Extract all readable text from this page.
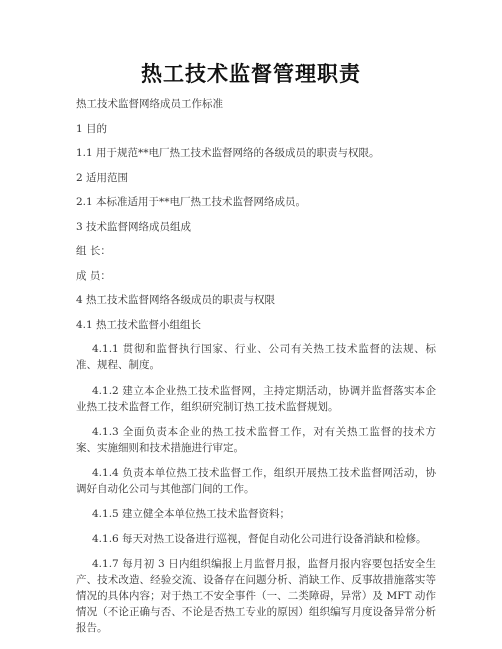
热工技术监督管理职责
热工技术监督网络成员工作标准
1 目的
1.1 用于规范**电厂热工技术监督网络的各级成员的职责与权限。
2 适用范围
2.1 本标准适用于**电厂热工技术监督网络成员。
3 技术监督网络成员组成
组 长：
成 员：
4 热工技术监督网络各级成员的职责与权限
4.1 热工技术监督小组组长
4.1.1 贯彻和监督执行国家、行业、公司有关热工技术监督的法规、标准、规程、制度。
4.1.2 建立本企业热工技术监督网，主持定期活动，协调并监督落实本企业热工技术监督工作，组织研究制订热工技术监督规划。
4.1.3 全面负责本企业的热工技术监督工作，对有关热工监督的技术方案、实施细则和技术措施进行审定。
4.1.4 负责本单位热工技术监督工作，组织开展热工技术监督网活动，协调好自动化公司与其他部门间的工作。
4.1.5 建立健全本单位热工技术监督资料；
4.1.6 每天对热工设备进行巡视，督促自动化公司进行设备消缺和检修。
4.1.7 每月初 3 日内组织编报上月监督月报，监督月报内容要包括安全生产、技术改造、经验交流、设备存在问题分析、消缺工作、反事故措施落实等情况的具体内容；对于热工不安全事件（一、二类障碍，异常）及 MFT 动作情况（不论正确与否、不论是否热工专业的原因）组织编写月度设备异常分析报告。
